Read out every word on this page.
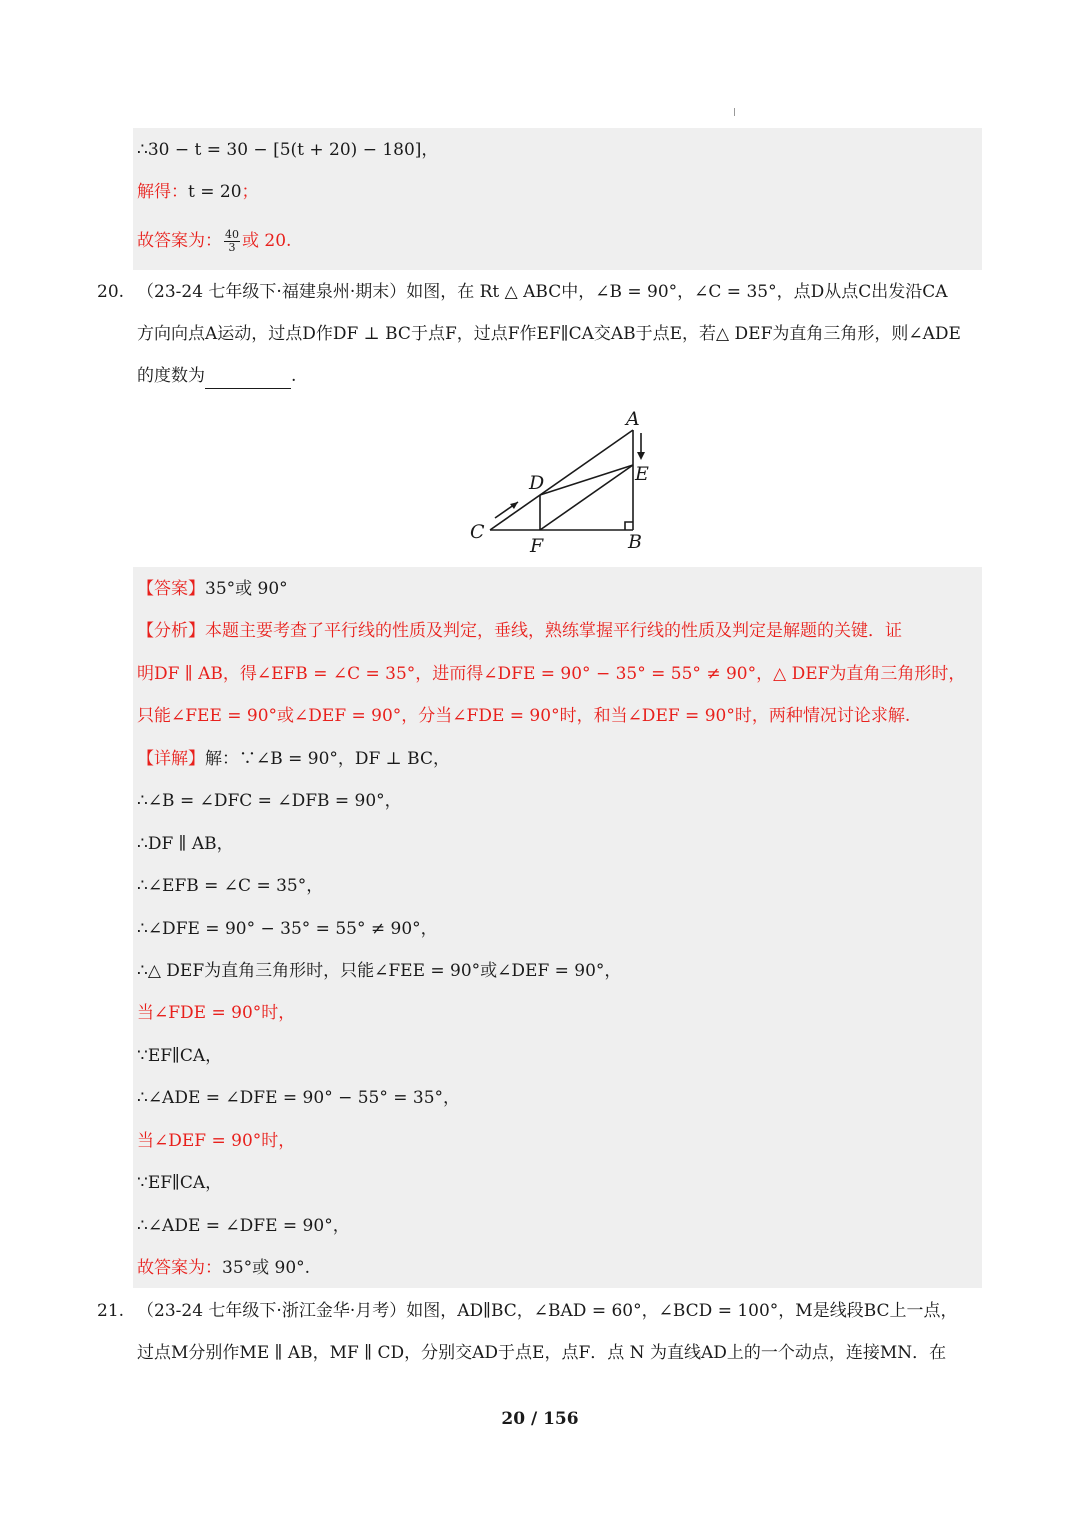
∴30 − t = 30 − [5(t + 20) − 180]，
解得：t = 20；
故答案为： $\frac{40}{3}$ 或 20.
20. （23-24 七年级下·福建泉州·期末）如图，在 Rt △ ABC中，∠B = 90°，∠C = 35°，点D从点C出发沿CA
方向向点A运动，过点D作DF ⊥ BC于点F，过点F作EF∥CA交AB于点E，若△ DEF为直角三角形，则∠ADE
的度数为	.
A
B
C
D	E
F
【答案】35°或 90°
【分析】本题主要考查了平行线的性质及判定，垂线，熟练掌握平行线的性质及判定是解题的关键．证
明DF ∥ AB，得∠EFB = ∠C = 35°，进而得∠DFE = 90° − 35° = 55° ≠ 90°，△ DEF为直角三角形时，
只能∠FEE = 90°或∠DEF = 90°，分当∠FDE = 90°时，和当∠DEF = 90°时，两种情况讨论求解.
【详解】解：∵∠B = 90°，DF ⊥ BC，
∴∠B = ∠DFC = ∠DFB = 90°，
∴DF ∥ AB，
∴∠EFB = ∠C = 35°，
∴∠DFE = 90° − 35° = 55° ≠ 90°，
∴△ DEF为直角三角形时，只能∠FEE = 90°或∠DEF = 90°，
当∠FDE = 90°时，
∵EF∥CA，
∴∠ADE = ∠DFE = 90° − 55° = 35°，
当∠DEF = 90°时，
∵EF∥CA，
∴∠ADE = ∠DFE = 90°，
故答案为：35°或 90°.
21. （23-24 七年级下·浙江金华·月考）如图，AD∥BC，∠BAD = 60°，∠BCD = 100°，M是线段BC上一点，
过点M分别作ME ∥ AB，MF ∥ CD，分别交AD于点E，点F．点 N 为直线AD上的一个动点，连接MN．在
20 / 156
